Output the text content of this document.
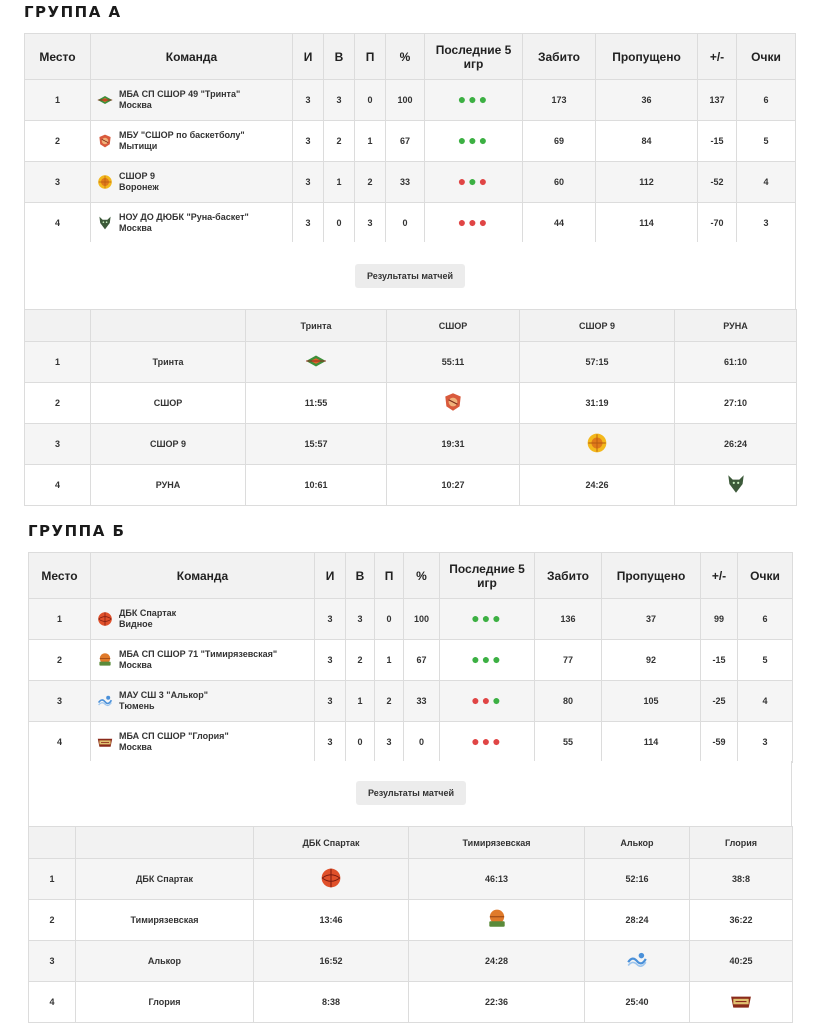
ГРУППА А
Место	Команда	И	В	П	%	Последние 5 игр	Забито	Пропущено	+/-	Очки
1	МБА СП СШОР 49 "Тринта"
Москва	3	3	0	100	●●●	173	36	137	6
2	МБУ "СШОР по баскетболу"
Мытищи	3	2	1	67	●●●	69	84	-15	5
3	СШОР 9
Воронеж	3	1	2	33	●●●	60	112	-52	4
4	НОУ ДО ДЮБК "Руна-баскет"
Москва	3	0	3	0	●●●	44	114	-70	3
Результаты матчей
		Тринта	СШОР	СШОР 9	РУНА
1	Тринта		55:11	57:15	61:10
2	СШОР	11:55		31:19	27:10
3	СШОР 9	15:57	19:31		26:24
4	РУНА	10:61	10:27	24:26	
ГРУППА Б
Место	Команда	И	В	П	%	Последние 5 игр	Забито	Пропущено	+/-	Очки
1	ДБК Спартак
Видное	3	3	0	100	●●●	136	37	99	6
2	МБА СП СШОР 71 "Тимирязевская"
Москва	3	2	1	67	●●●	77	92	-15	5
3	МАУ СШ 3 "Алькор"
Тюмень	3	1	2	33	●●●	80	105	-25	4
4	МБА СП СШОР "Глория"
Москва	3	0	3	0	●●●	55	114	-59	3
Результаты матчей
		ДБК Спартак	Тимирязевская	Алькор	Глория
1	ДБК Спартак		46:13	52:16	38:8
2	Тимирязевская	13:46		28:24	36:22
3	Алькор	16:52	24:28		40:25
4	Глория	8:38	22:36	25:40	
